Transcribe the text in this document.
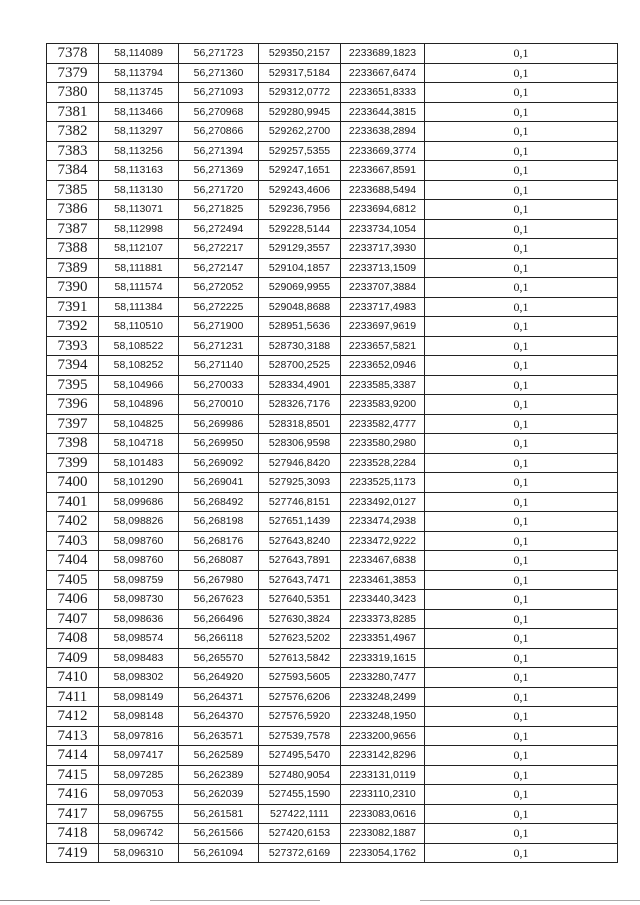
7378	58,114089	56,271723	529350,2157	2233689,1823	0,1
7379	58,113794	56,271360	529317,5184	2233667,6474	0,1
7380	58,113745	56,271093	529312,0772	2233651,8333	0,1
7381	58,113466	56,270968	529280,9945	2233644,3815	0,1
7382	58,113297	56,270866	529262,2700	2233638,2894	0,1
7383	58,113256	56,271394	529257,5355	2233669,3774	0,1
7384	58,113163	56,271369	529247,1651	2233667,8591	0,1
7385	58,113130	56,271720	529243,4606	2233688,5494	0,1
7386	58,113071	56,271825	529236,7956	2233694,6812	0,1
7387	58,112998	56,272494	529228,5144	2233734,1054	0,1
7388	58,112107	56,272217	529129,3557	2233717,3930	0,1
7389	58,111881	56,272147	529104,1857	2233713,1509	0,1
7390	58,111574	56,272052	529069,9955	2233707,3884	0,1
7391	58,111384	56,272225	529048,8688	2233717,4983	0,1
7392	58,110510	56,271900	528951,5636	2233697,9619	0,1
7393	58,108522	56,271231	528730,3188	2233657,5821	0,1
7394	58,108252	56,271140	528700,2525	2233652,0946	0,1
7395	58,104966	56,270033	528334,4901	2233585,3387	0,1
7396	58,104896	56,270010	528326,7176	2233583,9200	0,1
7397	58,104825	56,269986	528318,8501	2233582,4777	0,1
7398	58,104718	56,269950	528306,9598	2233580,2980	0,1
7399	58,101483	56,269092	527946,8420	2233528,2284	0,1
7400	58,101290	56,269041	527925,3093	2233525,1173	0,1
7401	58,099686	56,268492	527746,8151	2233492,0127	0,1
7402	58,098826	56,268198	527651,1439	2233474,2938	0,1
7403	58,098760	56,268176	527643,8240	2233472,9222	0,1
7404	58,098760	56,268087	527643,7891	2233467,6838	0,1
7405	58,098759	56,267980	527643,7471	2233461,3853	0,1
7406	58,098730	56,267623	527640,5351	2233440,3423	0,1
7407	58,098636	56,266496	527630,3824	2233373,8285	0,1
7408	58,098574	56,266118	527623,5202	2233351,4967	0,1
7409	58,098483	56,265570	527613,5842	2233319,1615	0,1
7410	58,098302	56,264920	527593,5605	2233280,7477	0,1
7411	58,098149	56,264371	527576,6206	2233248,2499	0,1
7412	58,098148	56,264370	527576,5920	2233248,1950	0,1
7413	58,097816	56,263571	527539,7578	2233200,9656	0,1
7414	58,097417	56,262589	527495,5470	2233142,8296	0,1
7415	58,097285	56,262389	527480,9054	2233131,0119	0,1
7416	58,097053	56,262039	527455,1590	2233110,2310	0,1
7417	58,096755	56,261581	527422,1111	2233083,0616	0,1
7418	58,096742	56,261566	527420,6153	2233082,1887	0,1
7419	58,096310	56,261094	527372,6169	2233054,1762	0,1
